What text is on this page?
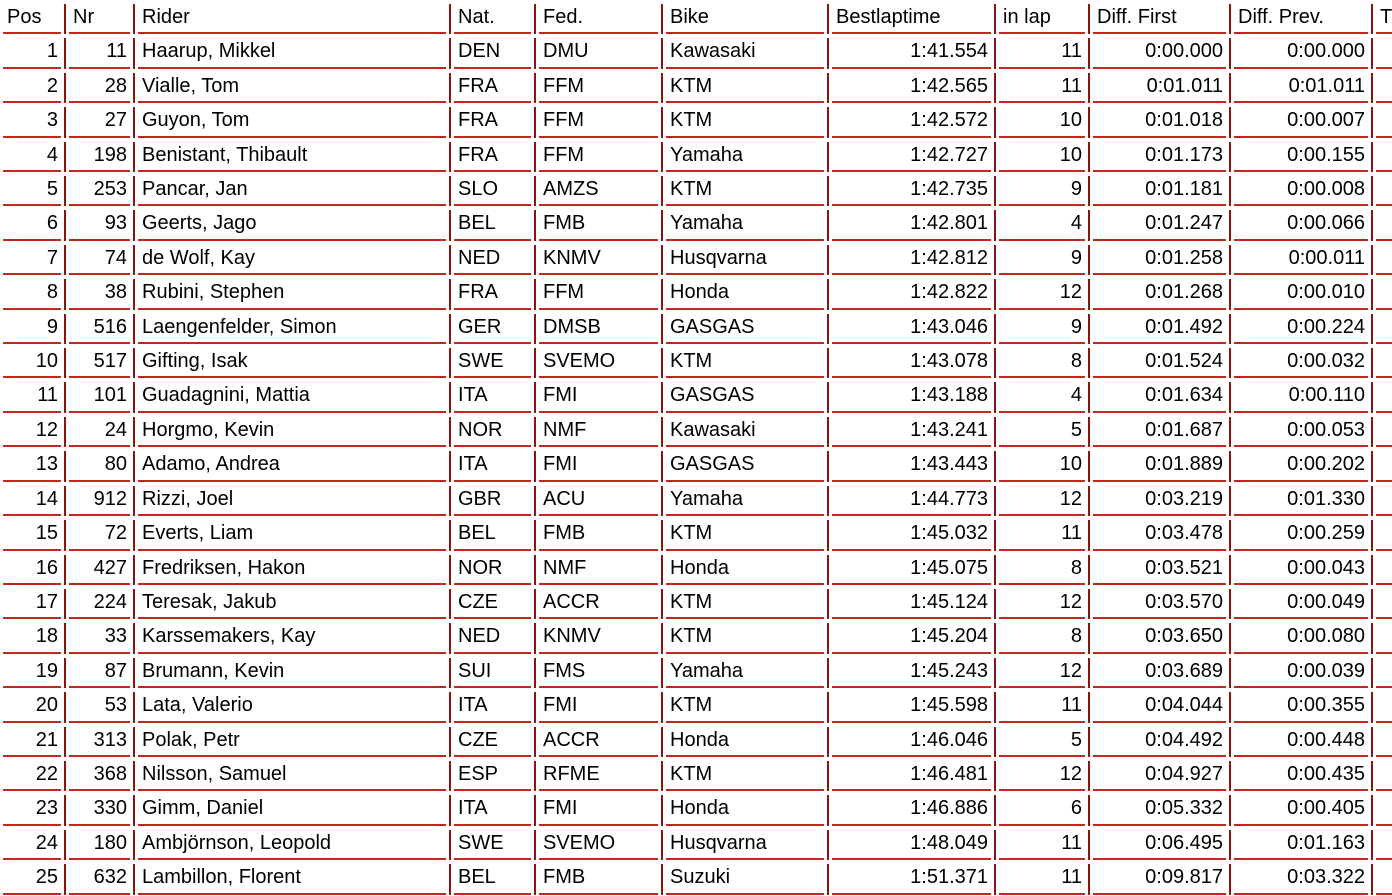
Pos	Nr	Rider	Nat.	Fed.	Bike	Bestlaptime	in lap	Diff. First	Diff. Prev.	T
1	11	Haarup, Mikkel	DEN	DMU	Kawasaki	1:41.554	11	0:00.000	0:00.000	
2	28	Vialle, Tom	FRA	FFM	KTM	1:42.565	11	0:01.011	0:01.011	
3	27	Guyon, Tom	FRA	FFM	KTM	1:42.572	10	0:01.018	0:00.007	
4	198	Benistant, Thibault	FRA	FFM	Yamaha	1:42.727	10	0:01.173	0:00.155	
5	253	Pancar, Jan	SLO	AMZS	KTM	1:42.735	9	0:01.181	0:00.008	
6	93	Geerts, Jago	BEL	FMB	Yamaha	1:42.801	4	0:01.247	0:00.066	
7	74	de Wolf, Kay	NED	KNMV	Husqvarna	1:42.812	9	0:01.258	0:00.011	
8	38	Rubini, Stephen	FRA	FFM	Honda	1:42.822	12	0:01.268	0:00.010	
9	516	Laengenfelder, Simon	GER	DMSB	GASGAS	1:43.046	9	0:01.492	0:00.224	
10	517	Gifting, Isak	SWE	SVEMO	KTM	1:43.078	8	0:01.524	0:00.032	
11	101	Guadagnini, Mattia	ITA	FMI	GASGAS	1:43.188	4	0:01.634	0:00.110	
12	24	Horgmo, Kevin	NOR	NMF	Kawasaki	1:43.241	5	0:01.687	0:00.053	
13	80	Adamo, Andrea	ITA	FMI	GASGAS	1:43.443	10	0:01.889	0:00.202	
14	912	Rizzi, Joel	GBR	ACU	Yamaha	1:44.773	12	0:03.219	0:01.330	
15	72	Everts, Liam	BEL	FMB	KTM	1:45.032	11	0:03.478	0:00.259	
16	427	Fredriksen, Hakon	NOR	NMF	Honda	1:45.075	8	0:03.521	0:00.043	
17	224	Teresak, Jakub	CZE	ACCR	KTM	1:45.124	12	0:03.570	0:00.049	
18	33	Karssemakers, Kay	NED	KNMV	KTM	1:45.204	8	0:03.650	0:00.080	
19	87	Brumann, Kevin	SUI	FMS	Yamaha	1:45.243	12	0:03.689	0:00.039	
20	53	Lata, Valerio	ITA	FMI	KTM	1:45.598	11	0:04.044	0:00.355	
21	313	Polak, Petr	CZE	ACCR	Honda	1:46.046	5	0:04.492	0:00.448	
22	368	Nilsson, Samuel	ESP	RFME	KTM	1:46.481	12	0:04.927	0:00.435	
23	330	Gimm, Daniel	ITA	FMI	Honda	1:46.886	6	0:05.332	0:00.405	
24	180	Ambjörnson, Leopold	SWE	SVEMO	Husqvarna	1:48.049	11	0:06.495	0:01.163	
25	632	Lambillon, Florent	BEL	FMB	Suzuki	1:51.371	11	0:09.817	0:03.322	
